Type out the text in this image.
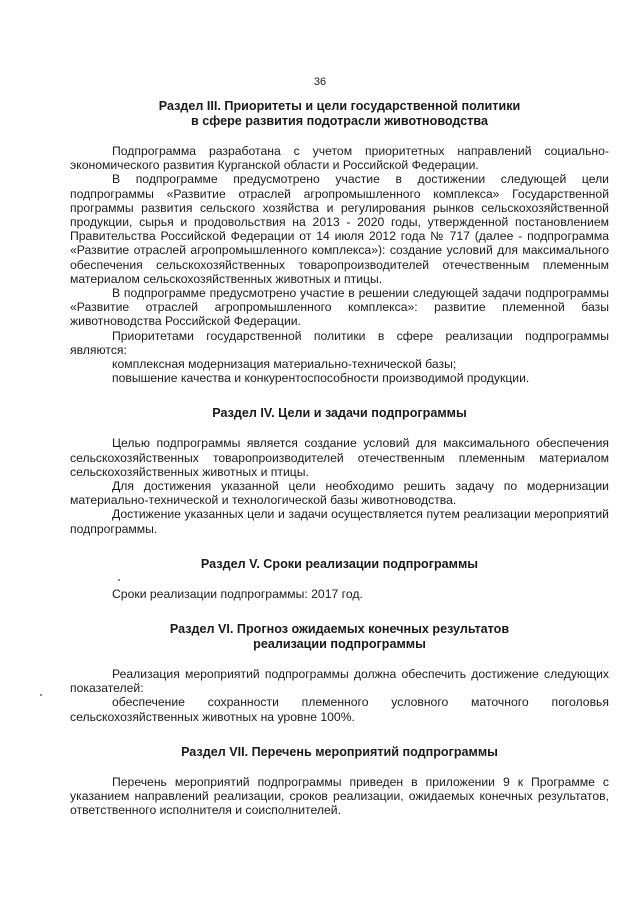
36
Раздел III. Приоритеты и цели государственной политики
в сфере развития подотрасли животноводства

Подпрограмма разработана с учетом приоритетных направлений социально-экономического развития Курганской области и Российской Федерации.

В подпрограмме предусмотрено участие в достижении следующей цели подпрограммы «Развитие отраслей агропромышленного комплекса» Государственной программы развития сельского хозяйства и регулирования рынков сельскохозяйственной продукции, сырья и продовольствия на 2013 - 2020 годы, утвержденной постановлением Правительства Российской Федерации от 14 июля 2012 года № 717 (далее - подпрограмма «Развитие отраслей агропромышленного комплекса»): создание условий для максимального обеспечения сельскохозяйственных товаропроизводителей отечественным племенным материалом сельскохозяйственных животных и птицы.

В подпрограмме предусмотрено участие в решении следующей задачи подпрограммы «Развитие отраслей агропромышленного комплекса»: развитие племенной базы животноводства Российской Федерации.

Приоритетами государственной политики в сфере реализации подпрограммы являются:

комплексная модернизация материально-технической базы;

повышение качества и конкурентоспособности производимой продукции.

Раздел IV. Цели и задачи подпрограммы

Целью подпрограммы является создание условий для максимального обеспечения сельскохозяйственных товаропроизводителей отечественным племенным материалом сельскохозяйственных животных и птицы.

Для достижения указанной цели необходимо решить задачу по модернизации материально-технической и технологической базы животноводства.

Достижение указанных цели и задачи осуществляется путем реализации мероприятий подпрограммы.

Раздел V. Сроки реализации подпрограммы

Сроки реализации подпрограммы: 2017 год.

Раздел VI. Прогноз ожидаемых конечных результатов
реализации подпрограммы

Реализация мероприятий подпрограммы должна обеспечить достижение следующих показателей:

обеспечение сохранности племенного условного маточного поголовья сельскохозяйственных животных на уровне 100%.

Раздел VII. Перечень мероприятий подпрограммы

Перечень мероприятий подпрограммы приведен в приложении 9 к Программе с указанием направлений реализации, сроков реализации, ожидаемых конечных результатов, ответственного исполнителя и соисполнителей.
